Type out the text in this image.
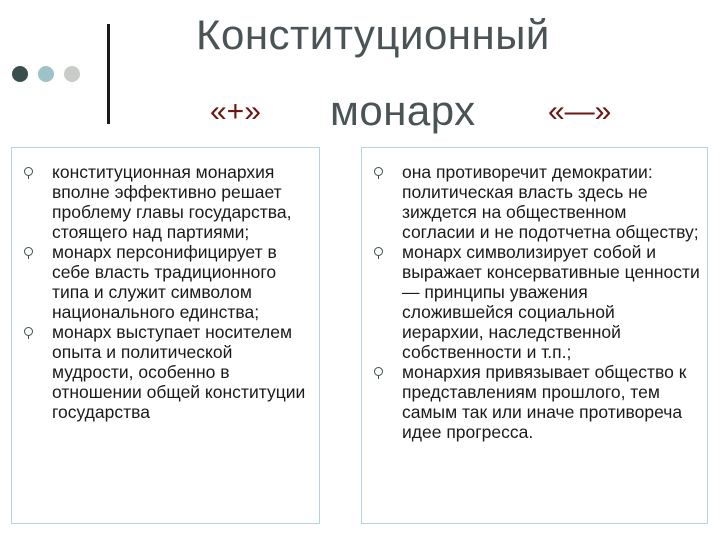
Конституционный
«+» монарх «—»
конституционная монархия вполне эффективно решает проблему главы государства, стоящего над партиями;
монарх персонифицирует в себе власть традиционного типа и служит символом национального единства;
монарх выступает носителем опыта и политической мудрости, особенно в отношении общей конституции государства
она противоречит демократии: политическая власть здесь не зиждется на общественном согласии и не подотчетна обществу;
монарх символизирует собой и выражает консервативные ценности — принципы уважения сложившейся социальной иерархии, наследственной собственности и т.п.;
монархия привязывает общество к представлениям прошлого, тем самым так или иначе противореча идее прогресса.
